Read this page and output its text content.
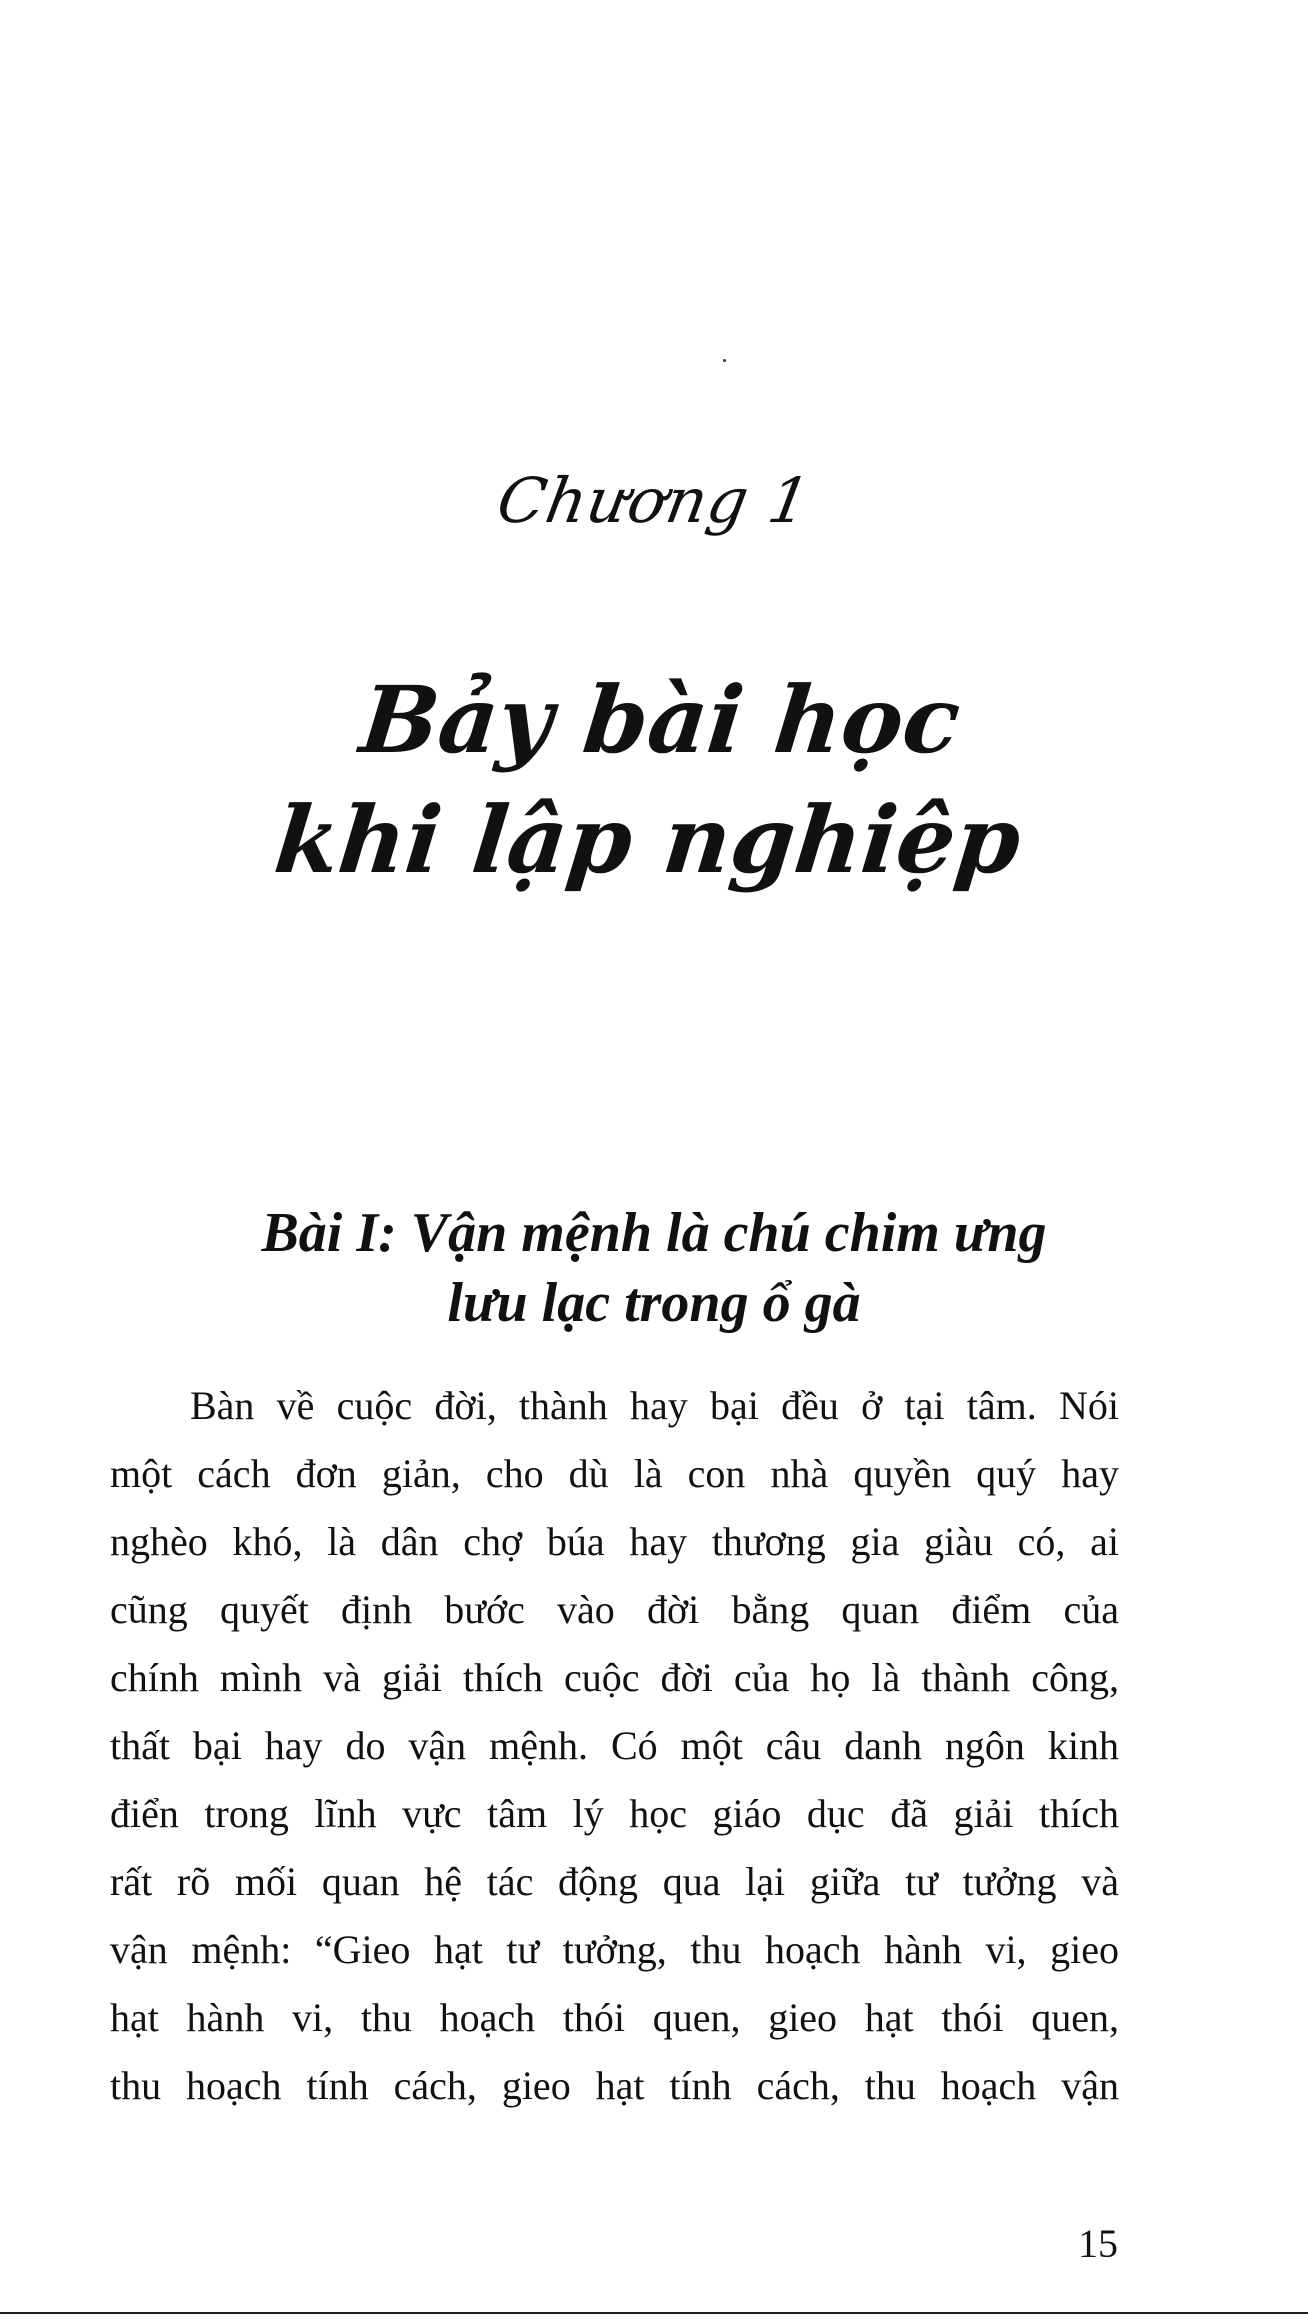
Chương 1
Bảy bài học
khi lập nghiệp
Bài I: Vận mệnh là chú chim ưng
lưu lạc trong ổ gà
Bàn về cuộc đời, thành hay bại đều ở tại tâm. Nói
một cách đơn giản, cho dù là con nhà quyền quý hay
nghèo khó, là dân chợ búa hay thương gia giàu có, ai
cũng quyết định bước vào đời bằng quan điểm của
chính mình và giải thích cuộc đời của họ là thành công,
thất bại hay do vận mệnh. Có một câu danh ngôn kinh
điển trong lĩnh vực tâm lý học giáo dục đã giải thích
rất rõ mối quan hệ tác động qua lại giữa tư tưởng và
vận mệnh: “Gieo hạt tư tưởng, thu hoạch hành vi, gieo
hạt hành vi, thu hoạch thói quen, gieo hạt thói quen,
thu hoạch tính cách, gieo hạt tính cách, thu hoạch vận
15
